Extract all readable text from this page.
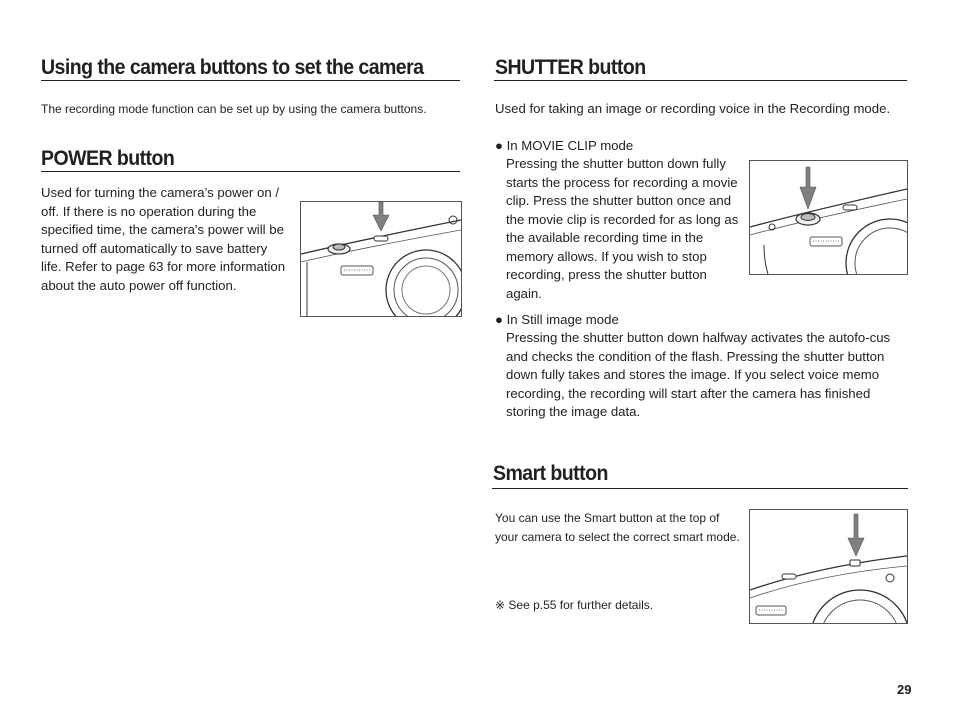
Using the camera buttons to set the camera

The recording mode function can be set up by using the camera buttons.

POWER button

Used for turning the camera’s power on / off. If there is no operation during the specified time, the camera's power will be turned off automatically to save battery life. Refer to page 63 for more information about the auto power off function.

SHUTTER button

Used for taking an image or recording voice in the Recording mode.

● In MOVIE CLIP mode

Pressing the shutter button down fully starts the process for recording a movie clip. Press the shutter button once and the movie clip is recorded for as long as the available recording time in the memory allows. If you wish to stop recording, press the shutter button again.

● In Still image mode

Pressing the shutter button down halfway activates the autofo-cus and checks the condition of the flash. Pressing the shutter button down fully takes and stores the image. If you select voice memo recording, the recording will start after the camera has finished storing the image data.

Smart button

You can use the Smart button at the top of your camera to select the correct smart mode.

※ See p.55 for further details.

29
